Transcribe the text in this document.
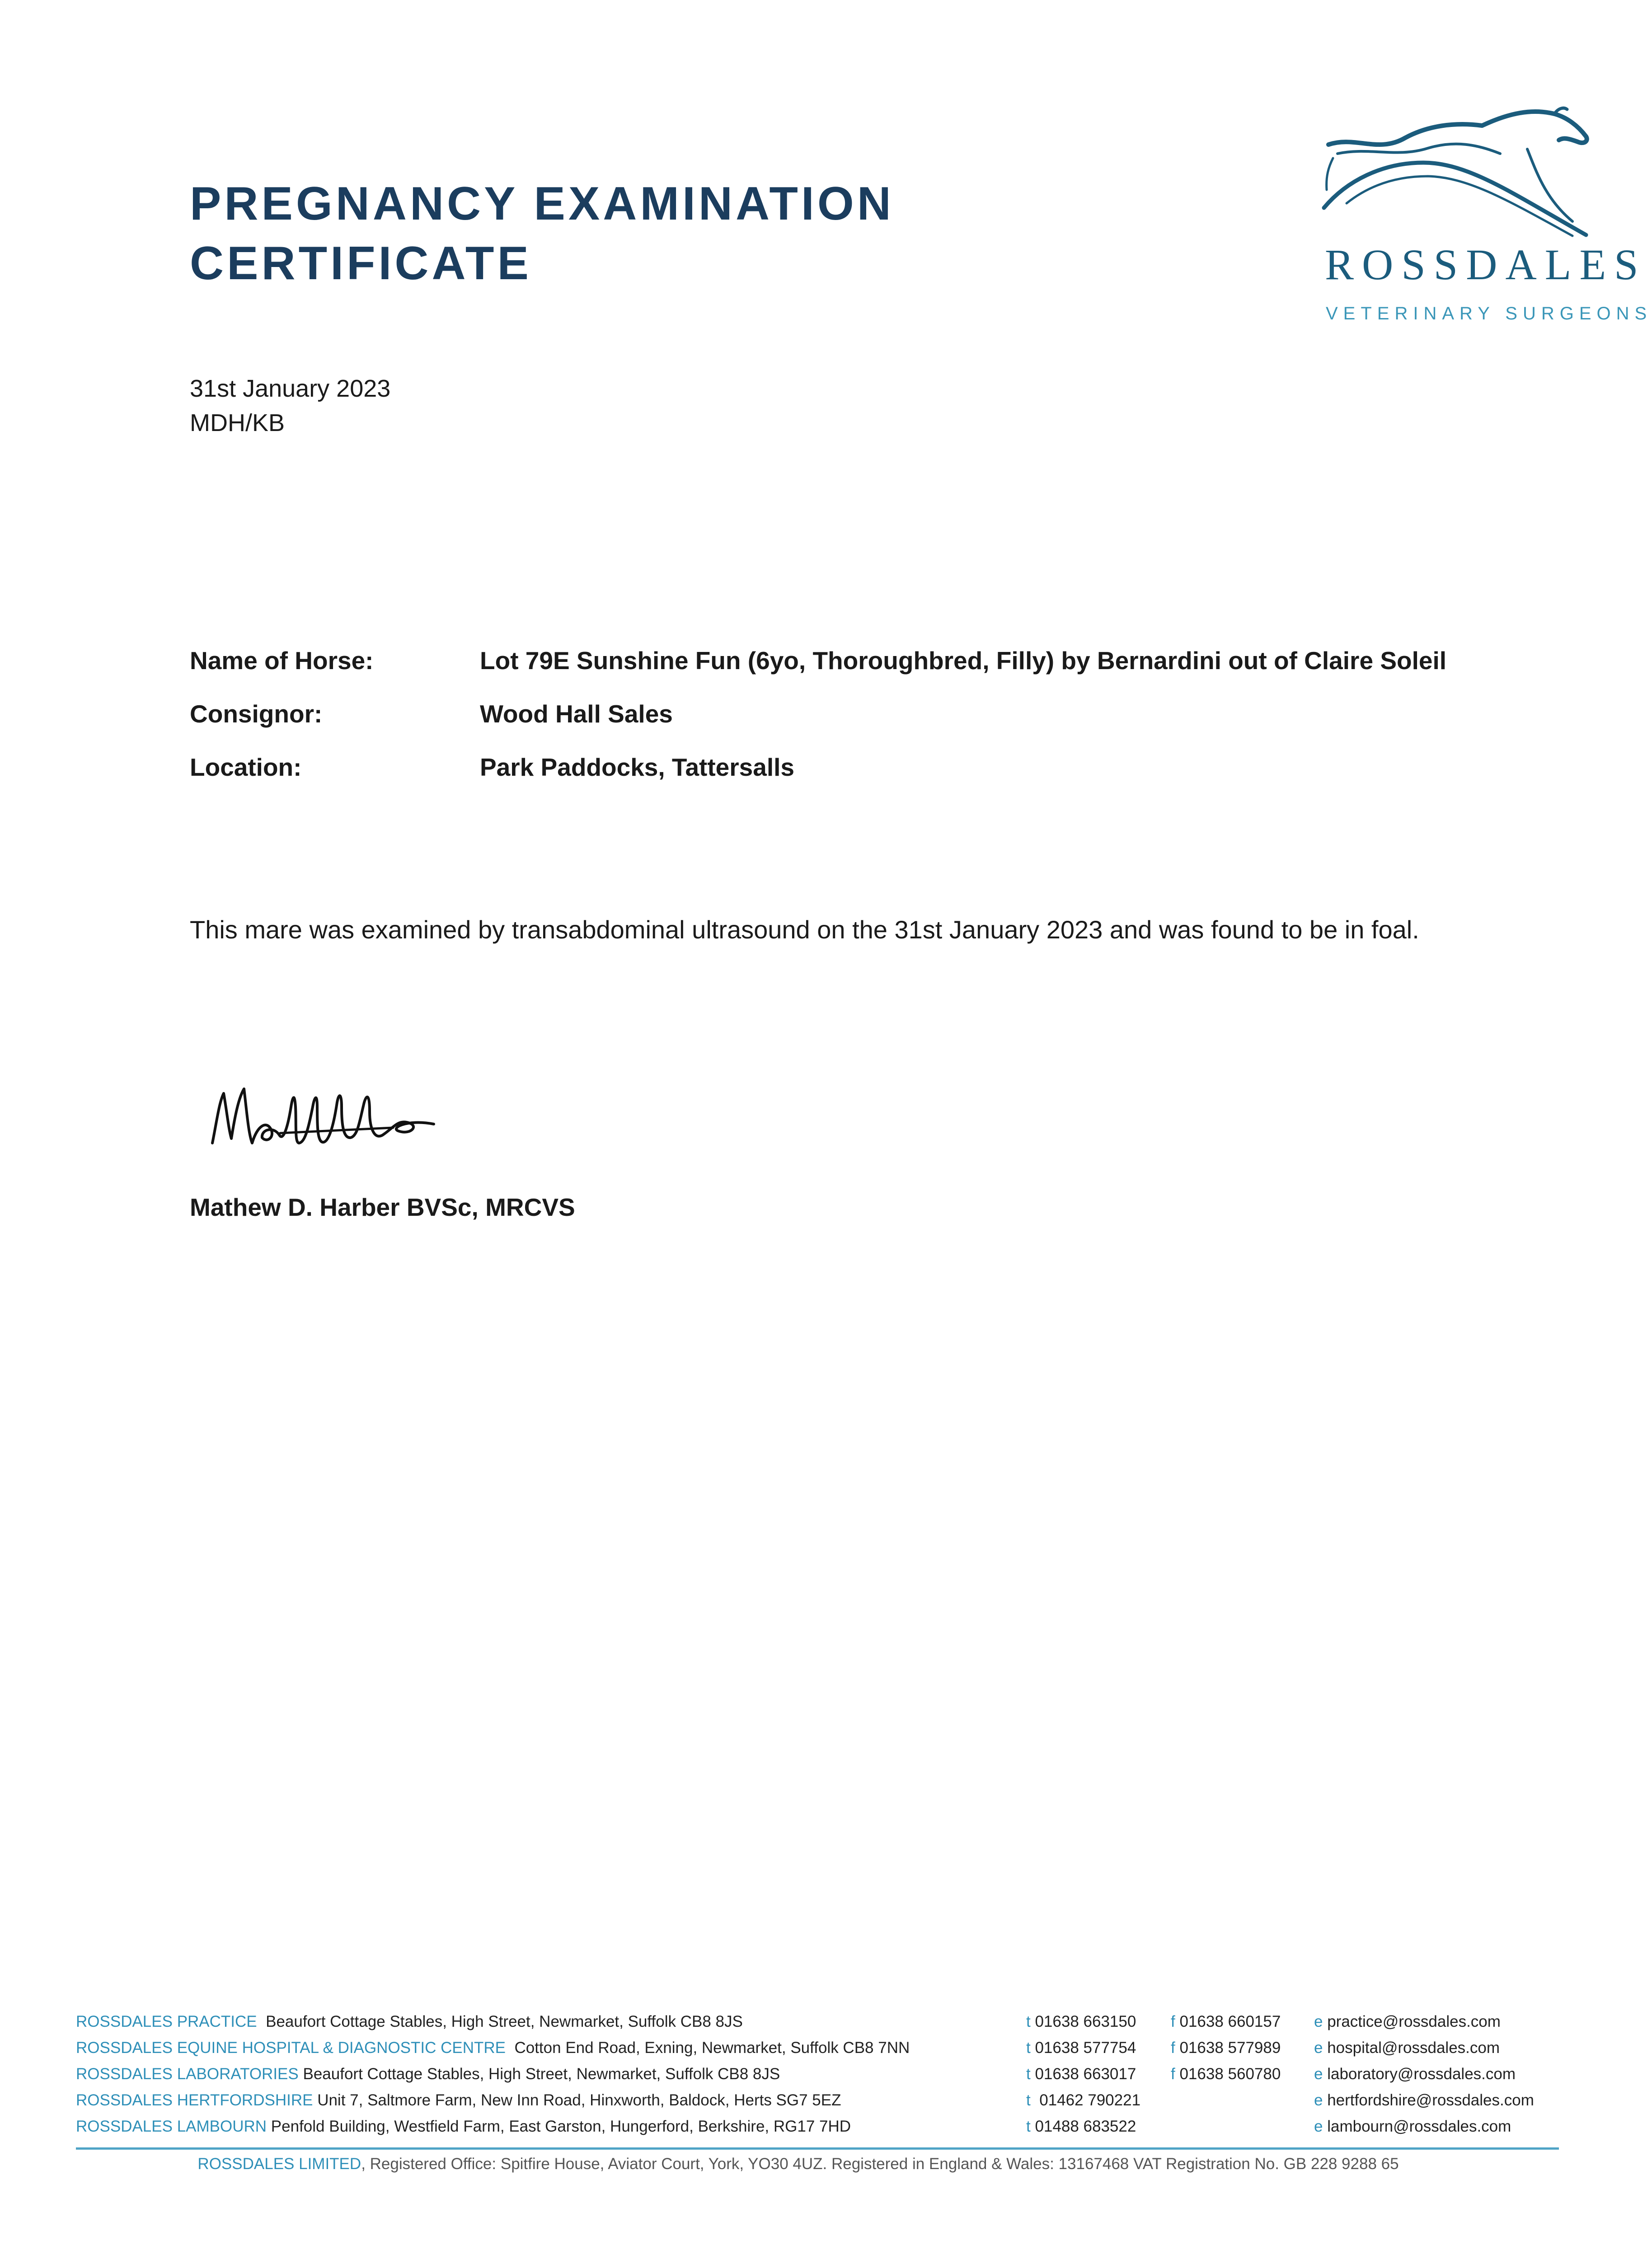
PREGNANCY EXAMINATION
CERTIFICATE	ROSSDALES
VETERINARY SURGEONS
31st January 2023
MDH/KB
Name of Horse:	Lot 79E Sunshine Fun (6yo, Thoroughbred, Filly) by Bernardini out of Claire Soleil
Consignor:	Wood Hall Sales
Location:	Park Paddocks, Tattersalls
This mare was examined by transabdominal ultrasound on the 31st January 2023 and was found to be in foal.
Mathew D. Harber BVSc, MRCVS
ROSSDALES PRACTICE Beaufort Cottage Stables, High Street, Newmarket, Suffolk CB8 8JS	t 01638 663150 f 01638 660157 e practice@rossdales.com
ROSSDALES EQUINE HOSPITAL & DIAGNOSTIC CENTRE Cotton End Road, Exning, Newmarket, Suffolk CB8 7NN	t 01638 577754 f 01638 577989 e hospital@rossdales.com
ROSSDALES LABORATORIES Beaufort Cottage Stables, High Street, Newmarket, Suffolk CB8 8JS	t 01638 663017 f 01638 560780 e laboratory@rossdales.com
ROSSDALES HERTFORDSHIRE Unit 7, Saltmore Farm, New Inn Road, Hinxworth, Baldock, Herts SG7 5EZ	t 01462 790221	e hertfordshire@rossdales.com
ROSSDALES LAMBOURN Penfold Building, Westfield Farm, East Garston, Hungerford, Berkshire, RG17 7HD	t 01488 683522	e lambourn@rossdales.com
ROSSDALES LIMITED, Registered Office: Spitfire House, Aviator Court, York, YO30 4UZ. Registered in England & Wales: 13167468 VAT Registration No. GB 228 9288 65
